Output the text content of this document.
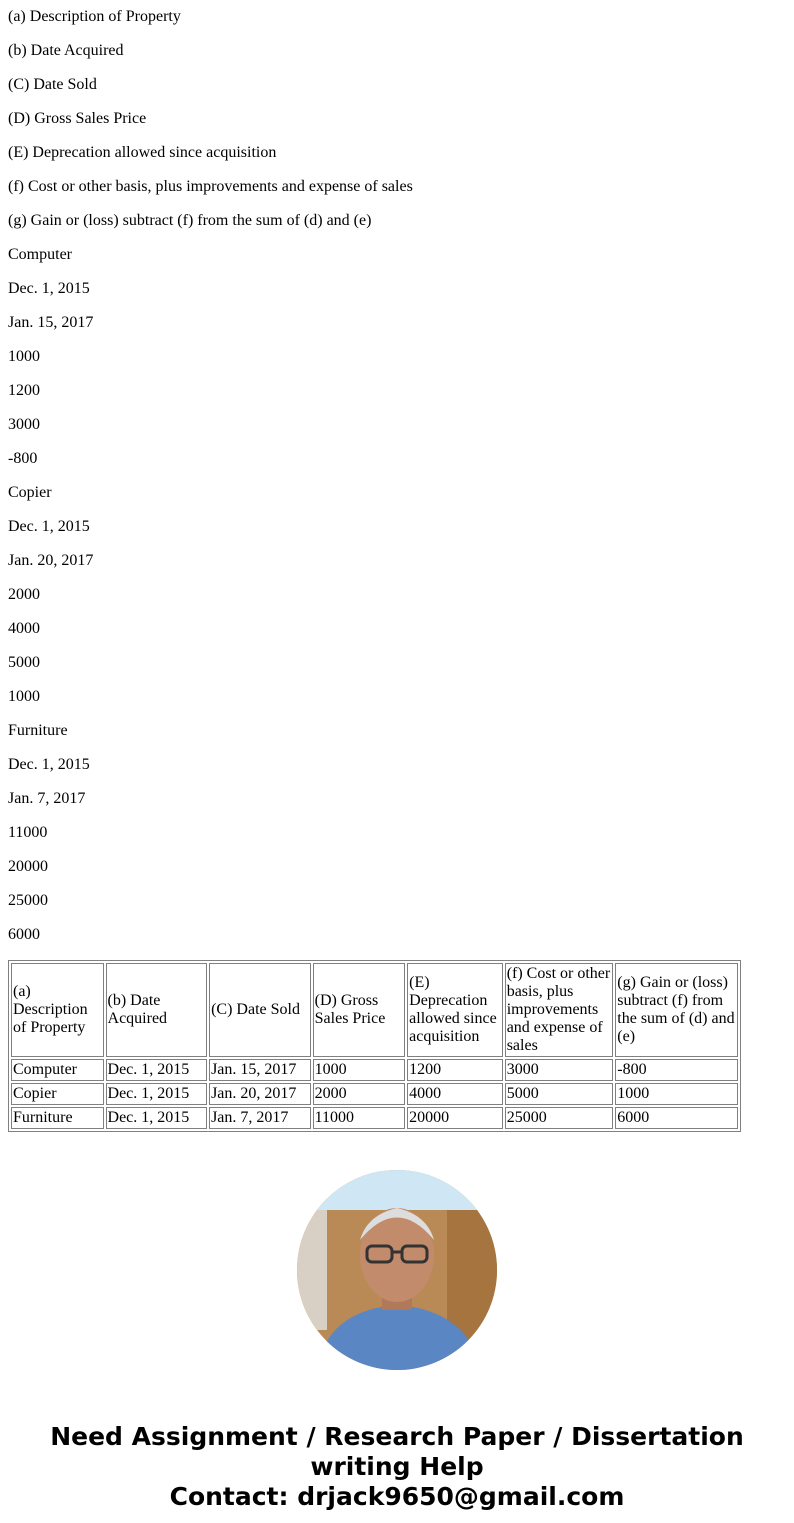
(a) Description of Property

(b) Date Acquired

(C) Date Sold

(D) Gross Sales Price

(E) Deprecation allowed since acquisition

(f) Cost or other basis, plus improvements and expense of sales

(g) Gain or (loss) subtract (f) from the sum of (d) and (e)

Computer

Dec. 1, 2015

Jan. 15, 2017

1000

1200

3000

-800

Copier

Dec. 1, 2015

Jan. 20, 2017

2000

4000

5000

1000

Furniture

Dec. 1, 2015

Jan. 7, 2017

11000

20000

25000

6000

(a) Description of Property	(b) Date Acquired	(C) Date Sold	(D) Gross Sales Price	(E) Deprecation allowed since acquisition	(f) Cost or other basis, plus improvements and expense of sales	(g) Gain or (loss) subtract (f) from the sum of (d) and (e)
Computer	Dec. 1, 2015	Jan. 15, 2017	1000	1200	3000	-800
Copier	Dec. 1, 2015	Jan. 20, 2017	2000	4000	5000	1000
Furniture	Dec. 1, 2015	Jan. 7, 2017	11000	20000	25000	6000
Need Assignment / Research Paper / Dissertation writing Help
Contact: drjack9650@gmail.com
